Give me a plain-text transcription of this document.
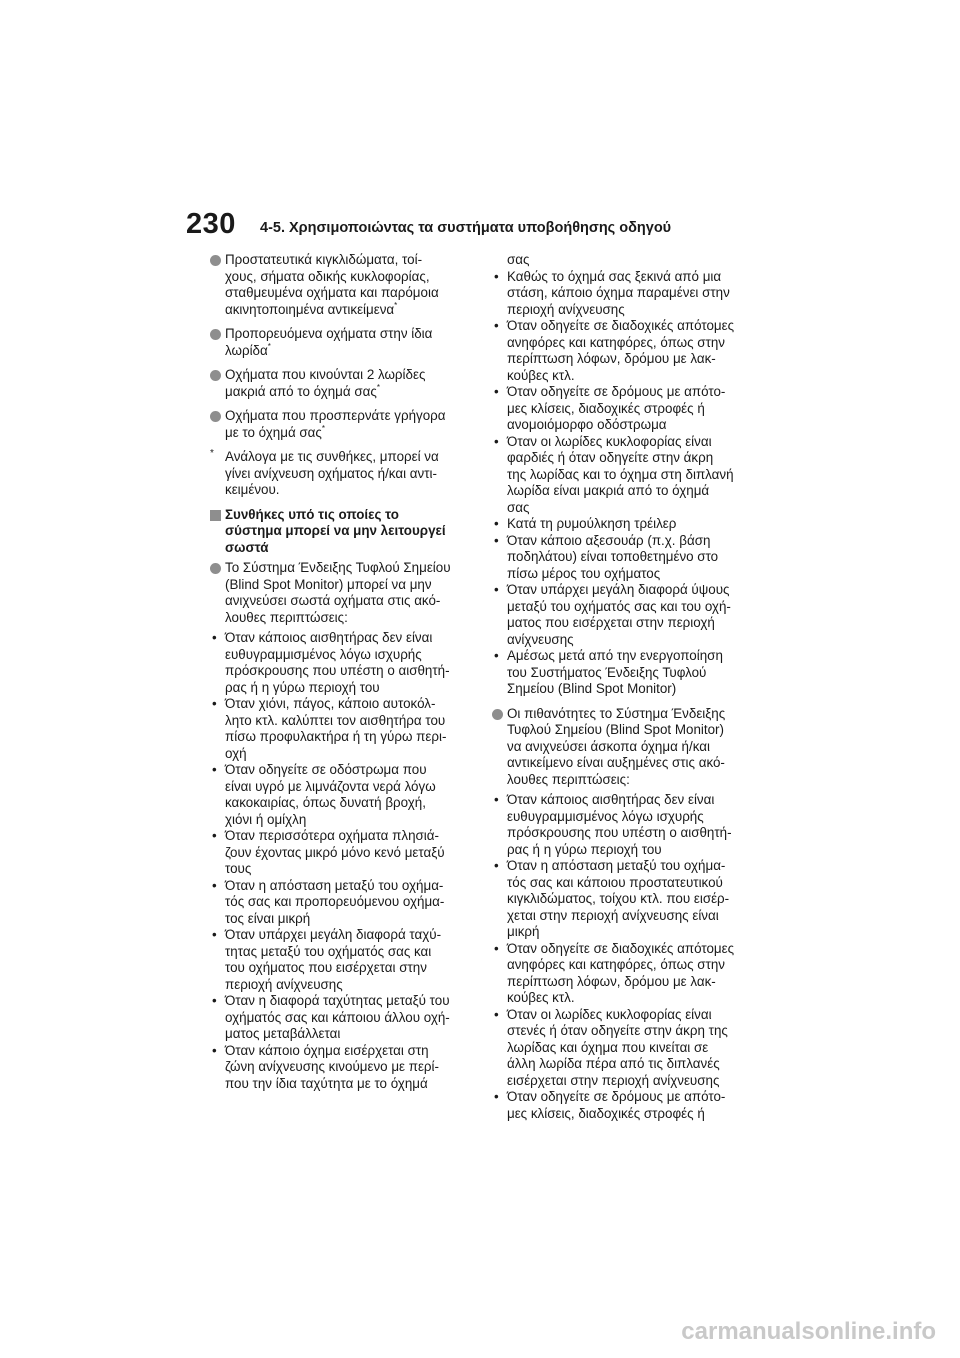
230 4-5. Χρησιμοποιώντας τα συστήματα υποβοήθησης οδηγού
Προστατευτικά κιγκλιδώματα, τοί-
χους, σήματα οδικής κυκλοφορίας,
σταθμευμένα οχήματα και παρόμοια
ακινητοποιημένα αντικείμενα*
Προπορευόμενα οχήματα στην ίδια
λωρίδα*
Οχήματα που κινούνται 2 λωρίδες
μακριά από το όχημά σας*
Οχήματα που προσπερνάτε γρήγορα
με το όχημά σας*
* Ανάλογα με τις συνθήκες, μπορεί να
γίνει ανίχνευση οχήματος ή/και αντι-
κειμένου.
Συνθήκες υπό τις οποίες το
σύστημα μπορεί να μην λειτουργεί
σωστά
Το Σύστημα Ένδειξης Τυφλού Σημείου
(Blind Spot Monitor) μπορεί να μην
ανιχνεύσει σωστά οχήματα στις ακό-
λουθες περιπτώσεις:
• Όταν κάποιος αισθητήρας δεν είναι
ευθυγραμμισμένος λόγω ισχυρής
πρόσκρουσης που υπέστη ο αισθητή-
ρας ή η γύρω περιοχή του
• Όταν χιόνι, πάγος, κάποιο αυτοκόλ-
λητο κτλ. καλύπτει τον αισθητήρα του
πίσω προφυλακτήρα ή τη γύρω περι-
οχή
• Όταν οδηγείτε σε οδόστρωμα που
είναι υγρό με λιμνάζοντα νερά λόγω
κακοκαιρίας, όπως δυνατή βροχή,
χιόνι ή ομίχλη
• Όταν περισσότερα οχήματα πλησιά-
ζουν έχοντας μικρό μόνο κενό μεταξύ
τους
• Όταν η απόσταση μεταξύ του οχήμα-
τός σας και προπορευόμενου οχήμα-
τος είναι μικρή
• Όταν υπάρχει μεγάλη διαφορά ταχύ-
τητας μεταξύ του οχήματός σας και
του οχήματος που εισέρχεται στην
περιοχή ανίχνευσης
• Όταν η διαφορά ταχύτητας μεταξύ του
οχήματός σας και κάποιου άλλου οχή-
ματος μεταβάλλεται
• Όταν κάποιο όχημα εισέρχεται στη
ζώνη ανίχνευσης κινούμενο με περί-
που την ίδια ταχύτητα με το όχημά
σας
• Καθώς το όχημά σας ξεκινά από μια
στάση, κάποιο όχημα παραμένει στην
περιοχή ανίχνευσης
• Όταν οδηγείτε σε διαδοχικές απότομες
ανηφόρες και κατηφόρες, όπως στην
περίπτωση λόφων, δρόμου με λακ-
κούβες κτλ.
• Όταν οδηγείτε σε δρόμους με απότο-
μες κλίσεις, διαδοχικές στροφές ή
ανομοιόμορφο οδόστρωμα
• Όταν οι λωρίδες κυκλοφορίας είναι
φαρδιές ή όταν οδηγείτε στην άκρη
της λωρίδας και το όχημα στη διπλανή
λωρίδα είναι μακριά από το όχημά
σας
• Κατά τη ρυμούλκηση τρέιλερ
• Όταν κάποιο αξεσουάρ (π.χ. βάση
ποδηλάτου) είναι τοποθετημένο στο
πίσω μέρος του οχήματος
• Όταν υπάρχει μεγάλη διαφορά ύψους
μεταξύ του οχήματός σας και του οχή-
ματος που εισέρχεται στην περιοχή
ανίχνευσης
• Αμέσως μετά από την ενεργοποίηση
του Συστήματος Ένδειξης Τυφλού
Σημείου (Blind Spot Monitor)
Οι πιθανότητες το Σύστημα Ένδειξης
Τυφλού Σημείου (Blind Spot Monitor)
να ανιχνεύσει άσκοπα όχημα ή/και
αντικείμενο είναι αυξημένες στις ακό-
λουθες περιπτώσεις:
• Όταν κάποιος αισθητήρας δεν είναι
ευθυγραμμισμένος λόγω ισχυρής
πρόσκρουσης που υπέστη ο αισθητή-
ρας ή η γύρω περιοχή του
• Όταν η απόσταση μεταξύ του οχήμα-
τός σας και κάποιου προστατευτικού
κιγκλιδώματος, τοίχου κτλ. που εισέρ-
χεται στην περιοχή ανίχνευσης είναι
μικρή
• Όταν οδηγείτε σε διαδοχικές απότομες
ανηφόρες και κατηφόρες, όπως στην
περίπτωση λόφων, δρόμου με λακ-
κούβες κτλ.
• Όταν οι λωρίδες κυκλοφορίας είναι
στενές ή όταν οδηγείτε στην άκρη της
λωρίδας και όχημα που κινείται σε
άλλη λωρίδα πέρα από τις διπλανές
εισέρχεται στην περιοχή ανίχνευσης
• Όταν οδηγείτε σε δρόμους με απότο-
μες κλίσεις, διαδοχικές στροφές ή
carmanualsonline.info
